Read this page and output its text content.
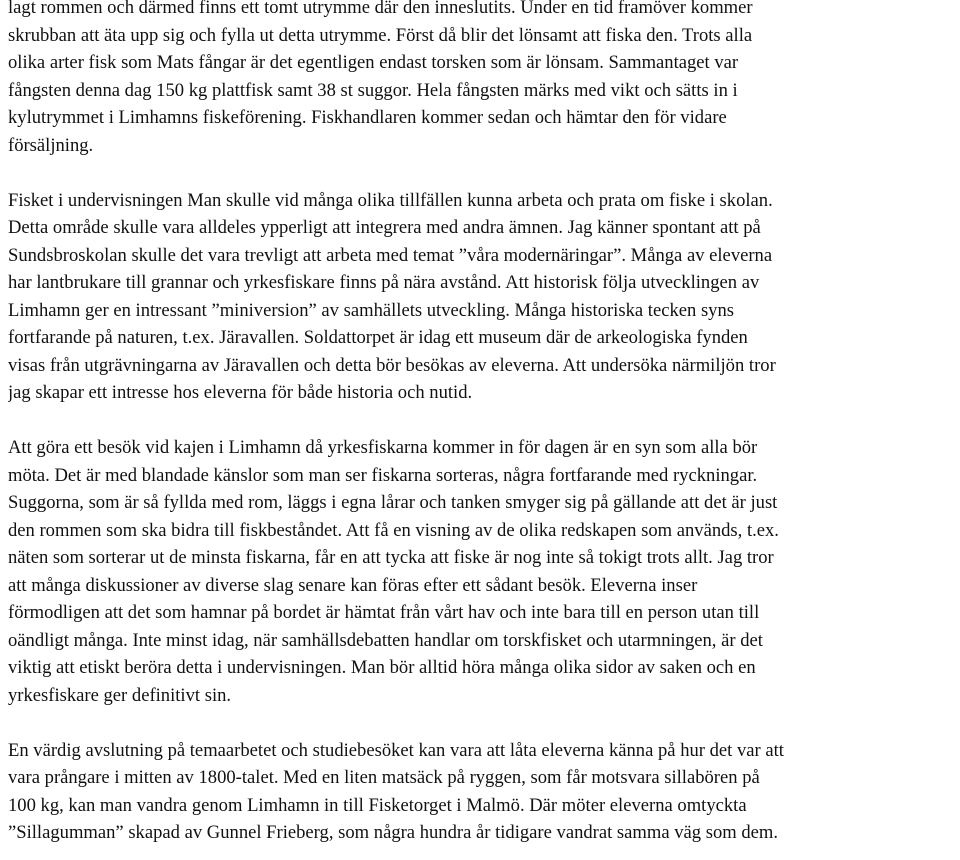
lagt rommen och därmed finns ett tomt utrymme där den inneslutits. Under en tid framöver kommer
skrubban att äta upp sig och fylla ut detta utrymme. Först då blir det lönsamt att fiska den. Trots alla
olika arter fisk som Mats fångar är det egentligen endast torsken som är lönsam. Sammantaget var
fångsten denna dag 150 kg plattfisk samt 38 st suggor. Hela fångsten märks med vikt och sätts in i
kylutrymmet i Limhamns fiskeförening. Fiskhandlaren kommer sedan och hämtar den för vidare
försäljning.

Fisket i undervisningen Man skulle vid många olika tillfällen kunna arbeta och prata om fiske i skolan.
Detta område skulle vara alldeles ypperligt att integrera med andra ämnen. Jag känner spontant att på
Sundsbroskolan skulle det vara trevligt att arbeta med temat ”våra modernäringar”. Många av eleverna
har lantbrukare till grannar och yrkesfiskare finns på nära avstånd. Att historisk följa utvecklingen av
Limhamn ger en intressant ”miniversion” av samhällets utveckling. Många historiska tecken syns
fortfarande på naturen, t.ex. Järavallen. Soldattorpet är idag ett museum där de arkeologiska fynden
visas från utgrävningarna av Järavallen och detta bör besökas av eleverna. Att undersöka närmiljön tror
jag skapar ett intresse hos eleverna för både historia och nutid.

Att göra ett besök vid kajen i Limhamn då yrkesfiskarna kommer in för dagen är en syn som alla bör
möta. Det är med blandade känslor som man ser fiskarna sorteras, några fortfarande med ryckningar.
Suggorna, som är så fyllda med rom, läggs i egna lårar och tanken smyger sig på gällande att det är just
den rommen som ska bidra till fiskbeståndet. Att få en visning av de olika redskapen som används, t.ex.
näten som sorterar ut de minsta fiskarna, får en att tycka att fiske är nog inte så tokigt trots allt. Jag tror
att många diskussioner av diverse slag senare kan föras efter ett sådant besök. Eleverna inser
förmodligen att det som hamnar på bordet är hämtat från vårt hav och inte bara till en person utan till
oändligt många. Inte minst idag, när samhällsdebatten handlar om torskfisket och utarmningen, är det
viktig att etiskt beröra detta i undervisningen. Man bör alltid höra många olika sidor av saken och en
yrkesfiskare ger definitivt sin.

En värdig avslutning på temaarbetet och studiebesöket kan vara att låta eleverna känna på hur det var att
vara prångare i mitten av 1800-talet. Med en liten matsäck på ryggen, som får motsvara sillabören på
100 kg, kan man vandra genom Limhamn in till Fisketorget i Malmö. Där möter eleverna omtyckta
”Sillagumman” skapad av Gunnel Frieberg, som några hundra år tidigare vandrat samma väg som dem.
